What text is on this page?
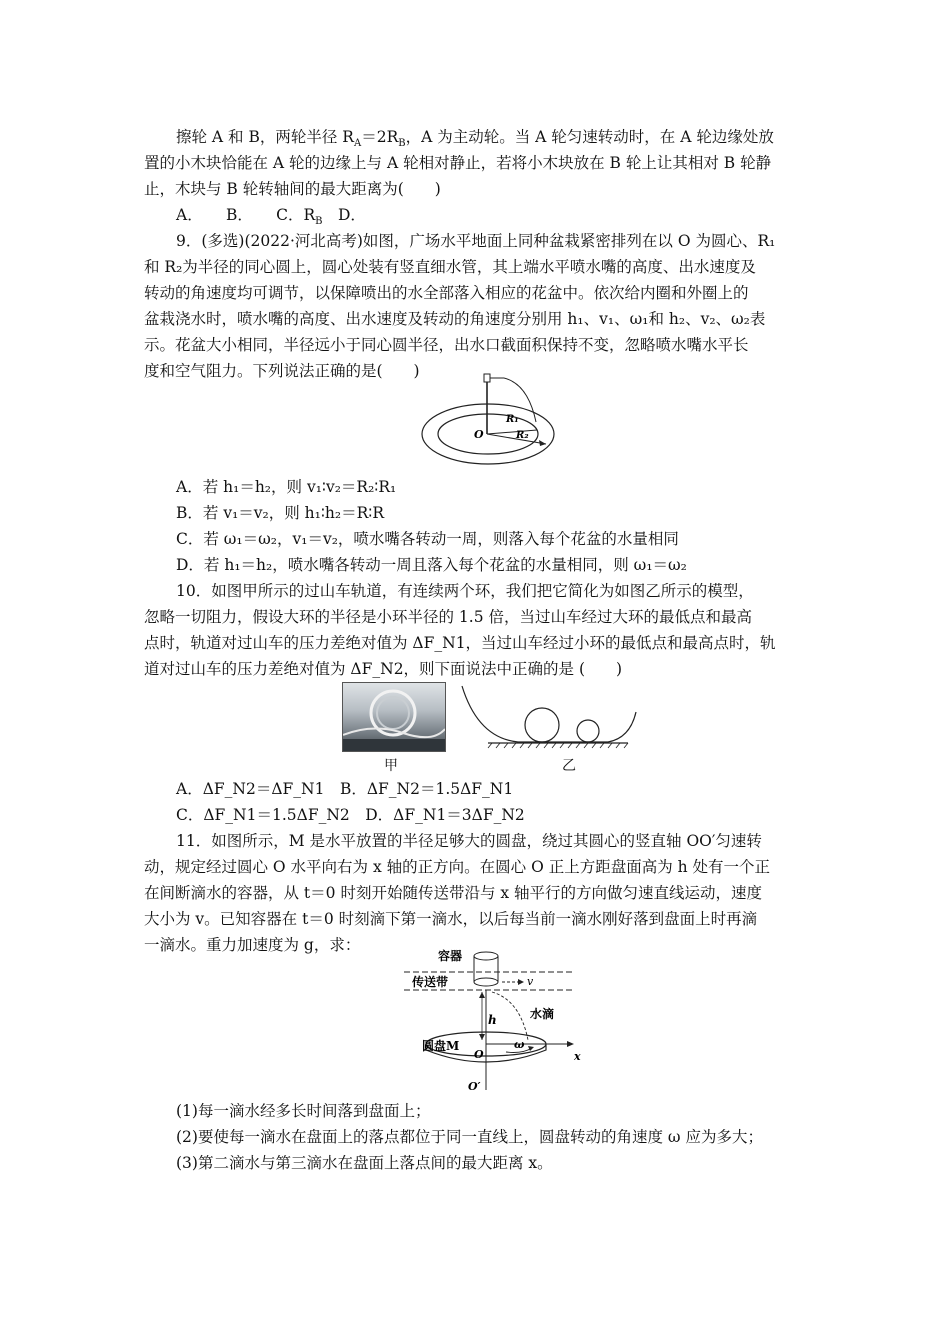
擦轮 A 和 B，两轮半径 $R_A=2R_B$，A 为主动轮。当 A 轮匀速转动时，在 A 轮边缘处放
置的小木块恰能在 A 轮的边缘上与 A 轮相对静止，若将小木块放在 B 轮上让其相对 B 轮静
止，木块与 B 轮转轴间的最大距离为(　　)
A．　　B．　　C．$R_B$　D．
9．(多选)(2022·河北高考)如图，广场水平地面上同种盆栽紧密排列在以 O 为圆心、R₁
和 R₂为半径的同心圆上，圆心处装有竖直细水管，其上端水平喷水嘴的高度、出水速度及
转动的角速度均可调节，以保障喷出的水全部落入相应的花盆中。依次给内圈和外圈上的
盆栽浇水时，喷水嘴的高度、出水速度及转动的角速度分别用 h₁、v₁、ω₁和 h₂、v₂、ω₂表
示。花盆大小相同，半径远小于同心圆半径，出水口截面积保持不变，忽略喷水嘴水平长
度和空气阻力。下列说法正确的是(　　)
O
R₁
R₂
A．若 h₁＝h₂，则 v₁∶v₂＝R₂∶R₁
B．若 v₁＝v₂，则 h₁∶h₂＝R∶R
C．若 ω₁＝ω₂，v₁＝v₂，喷水嘴各转动一周，则落入每个花盆的水量相同
D．若 h₁＝h₂，喷水嘴各转动一周且落入每个花盆的水量相同，则 ω₁＝ω₂
10．如图甲所示的过山车轨道，有连续两个环，我们把它简化为如图乙所示的模型，
忽略一切阻力，假设大环的半径是小环半径的 1.5 倍，当过山车经过大环的最低点和最高
点时，轨道对过山车的压力差绝对值为 ΔF_N1，当过山车经过小环的最低点和最高点时，轨
道对过山车的压力差绝对值为 ΔF_N2，则下面说法中正确的是 (　　)
甲	乙
A．ΔF_N2＝ΔF_N1　B．ΔF_N2＝1.5ΔF_N1
C．ΔF_N1＝1.5ΔF_N2　D．ΔF_N1＝3ΔF_N2
11．如图所示，M 是水平放置的半径足够大的圆盘，绕过其圆心的竖直轴 OO′匀速转
动，规定经过圆心 O 水平向右为 x 轴的正方向。在圆心 O 正上方距盘面高为 h 处有一个正
在间断滴水的容器，从 t＝0 时刻开始随传送带沿与 x 轴平行的方向做匀速直线运动，速度
大小为 v。已知容器在 t＝0 时刻滴下第一滴水，以后每当前一滴水刚好落到盘面上时再滴
一滴水。重力加速度为 g，求：
容器
传送带	v
h	水滴
圆盘M
O	x
ω
O′
(1)每一滴水经多长时间落到盘面上；
(2)要使每一滴水在盘面上的落点都位于同一直线上，圆盘转动的角速度 ω 应为多大；
(3)第二滴水与第三滴水在盘面上落点间的最大距离 x。
